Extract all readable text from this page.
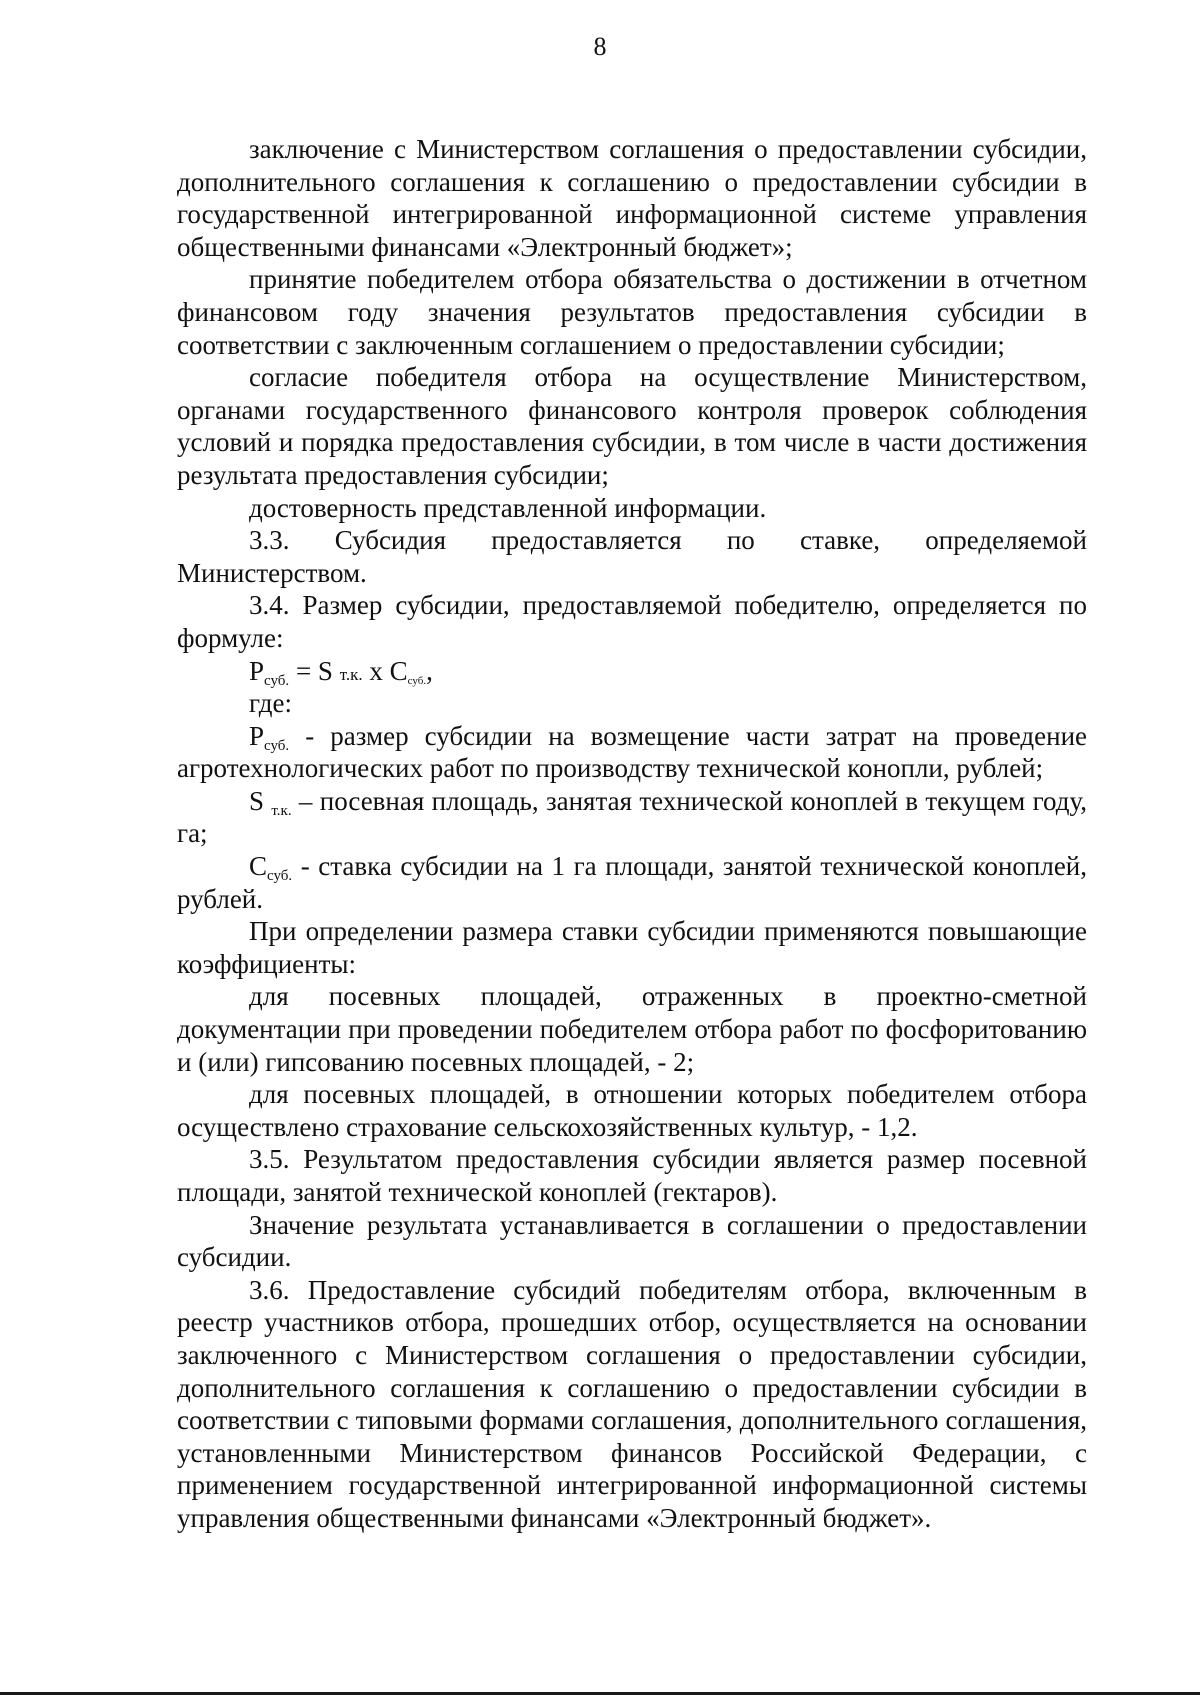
8

заключение с Министерством соглашения о предоставлении субсидии, дополнительного соглашения к соглашению о предоставлении субсидии в государственной интегрированной информационной системе управления общественными финансами «Электронный бюджет»;

принятие победителем отбора обязательства о достижении в отчетном финансовом году значения результатов предоставления субсидии в соответствии с заключенным соглашением о предоставлении субсидии;

согласие победителя отбора на осуществление Министерством, органами государственного финансового контроля проверок соблюдения условий и порядка предоставления субсидии, в том числе в части достижения результата предоставления субсидии;

достоверность представленной информации.

3.3. Субсидия предоставляется по ставке, определяемой Министерством.

3.4. Размер субсидии, предоставляемой победителю, определяется по формуле:

$P_{суб.} = S$ т.к. x Cсуб.,

где:

$P_{суб.}$ - размер субсидии на возмещение части затрат на проведение агротехнологических работ по производству технической конопли, рублей;

S $_{т.к.}$ – посевная площадь, занятая технической коноплей в текущем году, га;

$C_{суб.}$ - ставка субсидии на 1 га площади, занятой технической коноплей, рублей.

При определении размера ставки субсидии применяются повышающие коэффициенты:

для посевных площадей, отраженных в проектно-сметной документации при проведении победителем отбора работ по фосфоритованию и (или) гипсованию посевных площадей, - 2;

для посевных площадей, в отношении которых победителем отбора осуществлено страхование сельскохозяйственных культур, - 1,2.

3.5. Результатом предоставления субсидии является размер посевной площади, занятой технической коноплей (гектаров).

Значение результата устанавливается в соглашении о предоставлении субсидии.

3.6. Предоставление субсидий победителям отбора, включенным в реестр участников отбора, прошедших отбор, осуществляется на основании заключенного с Министерством соглашения о предоставлении субсидии, дополнительного соглашения к соглашению о предоставлении субсидии в соответствии с типовыми формами соглашения, дополнительного соглашения, установленными Министерством финансов Российской Федерации, с применением государственной интегрированной информационной системы управления общественными финансами «Электронный бюджет».
